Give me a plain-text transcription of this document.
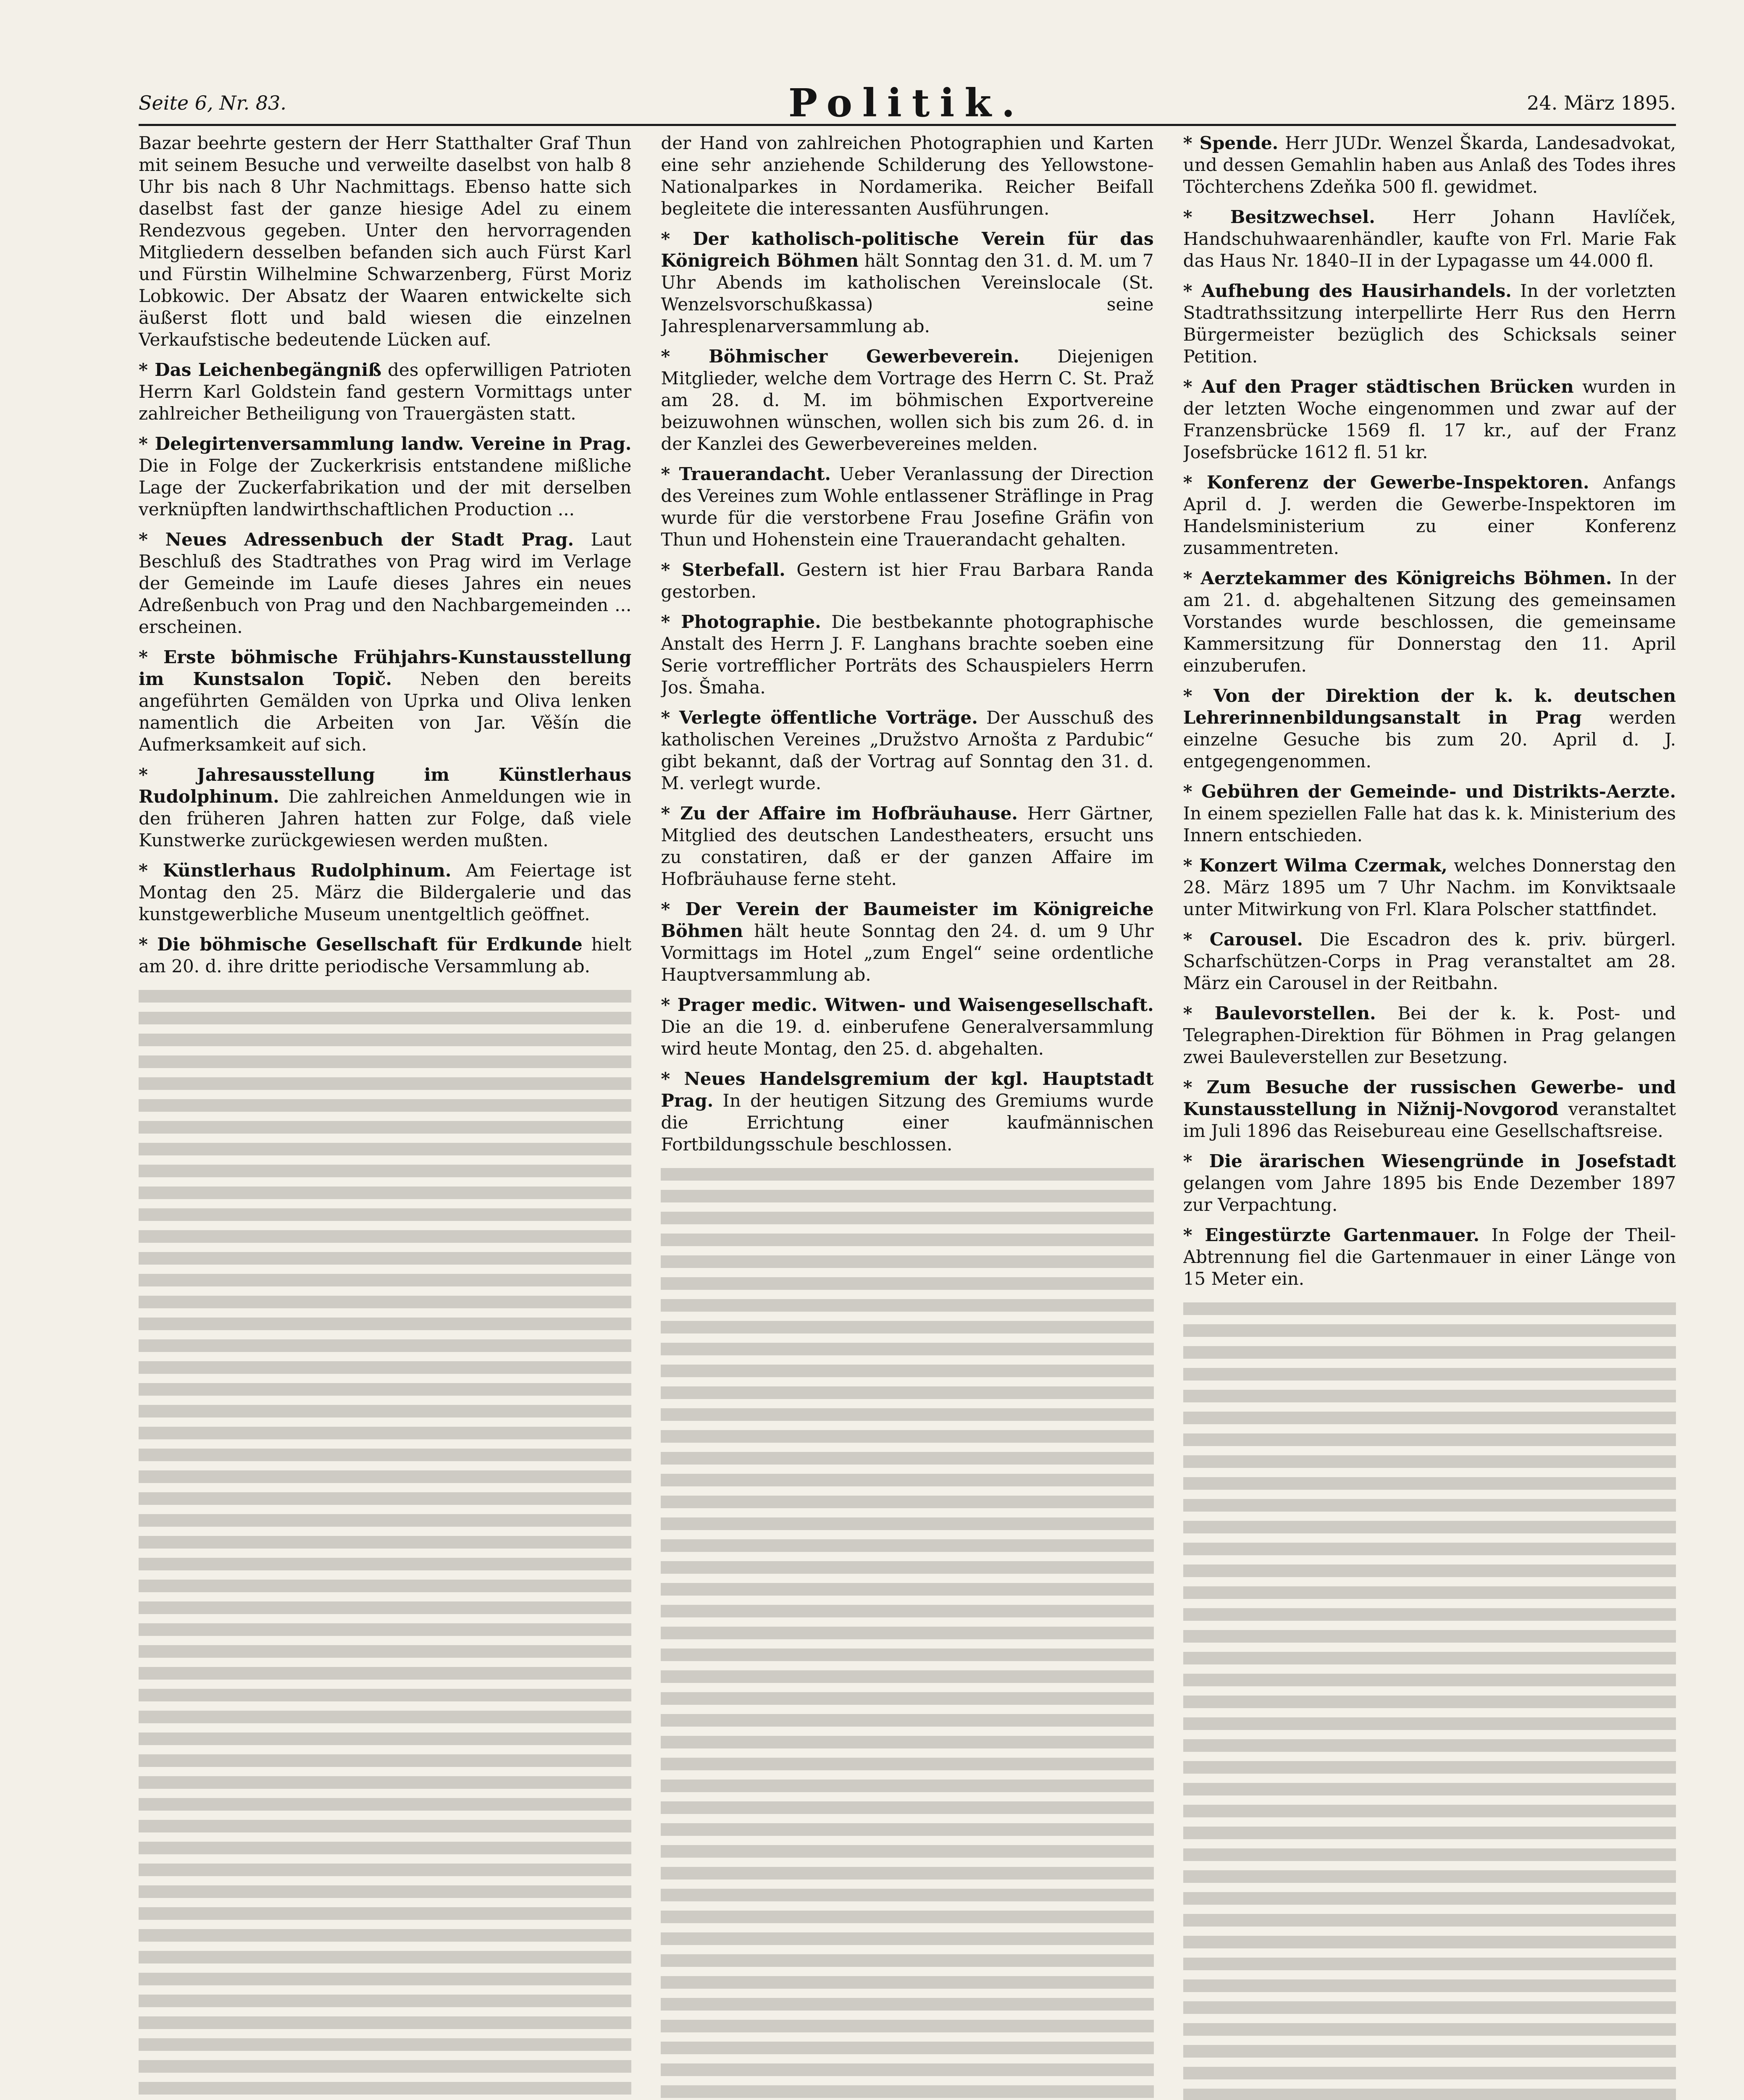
Seite 6, Nr. 83.	Politik.	24. März 1895.

Bazar beehrte gestern der Herr Statthalter Graf Thun mit seinem Besuche und verweilte daselbst von halb 8 Uhr bis nach 8 Uhr Nachmittags. Ebenso hatte sich daselbst fast der ganze hiesige Adel zu einem Rendezvous gegeben. Unter den hervorragenden Mitgliedern desselben befanden sich auch Fürst Karl und Fürstin Wilhelmine Schwarzenberg, Fürst Moriz Lobkowic. Der Absatz der Waaren entwickelte sich äußerst flott und bald wiesen die einzelnen Verkaufstische bedeutende Lücken auf.

* Das Leichenbegängniß des opferwilligen Patrioten Herrn Karl Goldstein fand gestern Vormittags unter zahlreicher Betheiligung von Trauergästen statt.

* Delegirtenversammlung landw. Vereine in Prag. Die in Folge der Zuckerkrisis entstandene mißliche Lage der Zuckerfabrikation und der mit derselben verknüpften landwirthschaftlichen Production ...

* Neues Adressenbuch der Stadt Prag. Laut Beschluß des Stadtrathes von Prag wird im Verlage der Gemeinde im Laufe dieses Jahres ein neues Adreßenbuch von Prag und den Nachbargemeinden ... erscheinen.

* Erste böhmische Frühjahrs-Kunstausstellung im Kunstsalon Topič. Neben den bereits angeführten Gemälden von Uprka und Oliva lenken namentlich die Arbeiten von Jar. Věšín die Aufmerksamkeit auf sich.

* Jahresausstellung im Künstlerhaus Rudolphinum. Die zahlreichen Anmeldungen wie in den früheren Jahren hatten zur Folge, daß viele Kunstwerke zurückgewiesen werden mußten.

* Künstlerhaus Rudolphinum. Am Feiertage ist Montag den 25. März die Bildergalerie und das kunstgewerbliche Museum unentgeltlich geöffnet.

* Die böhmische Gesellschaft für Erdkunde hielt am 20. d. ihre dritte periodische Versammlung ab.

der Hand von zahlreichen Photographien und Karten eine sehr anziehende Schilderung des Yellowstone-Nationalparkes in Nordamerika. Reicher Beifall begleitete die interessanten Ausführungen.

* Der katholisch-politische Verein für das Königreich Böhmen hält Sonntag den 31. d. M. um 7 Uhr Abends im katholischen Vereinslocale (St. Wenzelsvorschußkassa) seine Jahresplenarversammlung ab.

* Böhmischer Gewerbeverein. Diejenigen Mitglieder, welche dem Vortrage des Herrn C. St. Praž am 28. d. M. im böhmischen Exportvereine beizuwohnen wünschen, wollen sich bis zum 26. d. in der Kanzlei des Gewerbevereines melden.

* Trauerandacht. Ueber Veranlassung der Direction des Vereines zum Wohle entlassener Sträflinge in Prag wurde für die verstorbene Frau Josefine Gräfin von Thun und Hohenstein eine Trauerandacht gehalten.

* Sterbefall. Gestern ist hier Frau Barbara Randa gestorben.

* Photographie. Die bestbekannte photographische Anstalt des Herrn J. F. Langhans brachte soeben eine Serie vortrefflicher Porträts des Schauspielers Herrn Jos. Šmaha.

* Verlegte öffentliche Vorträge. Der Ausschuß des katholischen Vereines „Družstvo Arnošta z Pardubic“ gibt bekannt, daß der Vortrag auf Sonntag den 31. d. M. verlegt wurde.

* Zu der Affaire im Hofbräuhause. Herr Gärtner, Mitglied des deutschen Landestheaters, ersucht uns zu constatiren, daß er der ganzen Affaire im Hofbräuhause ferne steht.

* Der Verein der Baumeister im Königreiche Böhmen hält heute Sonntag den 24. d. um 9 Uhr Vormittags im Hotel „zum Engel“ seine ordentliche Hauptversammlung ab.

* Prager medic. Witwen- und Waisengesellschaft. Die an die 19. d. einberufene Generalversammlung wird heute Montag, den 25. d. abgehalten.

* Neues Handelsgremium der kgl. Hauptstadt Prag. In der heutigen Sitzung des Gremiums wurde die Errichtung einer kaufmännischen Fortbildungsschule beschlossen.

* Spende. Herr JUDr. Wenzel Škarda, Landesadvokat, und dessen Gemahlin haben aus Anlaß des Todes ihres Töchterchens Zdeňka 500 fl. gewidmet.

* Besitzwechsel. Herr Johann Havlíček, Handschuhwaarenhändler, kaufte von Frl. Marie Fak das Haus Nr. 1840–II in der Lypagasse um 44.000 fl.

* Aufhebung des Hausirhandels. In der vorletzten Stadtrathssitzung interpellirte Herr Rus den Herrn Bürgermeister bezüglich des Schicksals seiner Petition.

* Auf den Prager städtischen Brücken wurden in der letzten Woche eingenommen und zwar auf der Franzensbrücke 1569 fl. 17 kr., auf der Franz Josefsbrücke 1612 fl. 51 kr.

* Konferenz der Gewerbe-Inspektoren. Anfangs April d. J. werden die Gewerbe-Inspektoren im Handelsministerium zu einer Konferenz zusammentreten.

* Aerztekammer des Königreichs Böhmen. In der am 21. d. abgehaltenen Sitzung des gemeinsamen Vorstandes wurde beschlossen, die gemeinsame Kammersitzung für Donnerstag den 11. April einzuberufen.

* Von der Direktion der k. k. deutschen Lehrerinnenbildungsanstalt in Prag werden einzelne Gesuche bis zum 20. April d. J. entgegengenommen.

* Gebühren der Gemeinde- und Distrikts-Aerzte. In einem speziellen Falle hat das k. k. Ministerium des Innern entschieden.

* Konzert Wilma Czermak, welches Donnerstag den 28. März 1895 um 7 Uhr Nachm. im Konviktsaale unter Mitwirkung von Frl. Klara Polscher stattfindet.

* Carousel. Die Escadron des k. priv. bürgerl. Scharfschützen-Corps in Prag veranstaltet am 28. März ein Carousel in der Reitbahn.

* Baulevorstellen. Bei der k. k. Post- und Telegraphen-Direktion für Böhmen in Prag gelangen zwei Bauleverstellen zur Besetzung.

* Zum Besuche der russischen Gewerbe- und Kunstausstellung in Nižnij-Novgorod veranstaltet im Juli 1896 das Reisebureau eine Gesellschaftsreise.

* Die ärarischen Wiesengründe in Josefstadt gelangen vom Jahre 1895 bis Ende Dezember 1897 zur Verpachtung.

* Eingestürzte Gartenmauer. In Folge der Theil-Abtrennung fiel die Gartenmauer in einer Länge von 15 Meter ein.
